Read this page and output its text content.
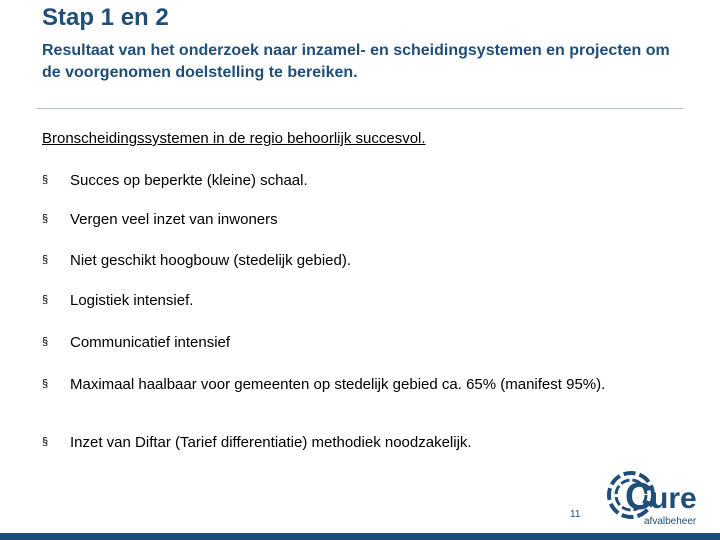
Stap 1 en 2
Resultaat van het onderzoek naar inzamel- en scheidingsystemen en projecten om de voorgenomen doelstelling te bereiken.
Bronscheidingssystemen in de regio behoorlijk succesvol.
§	Succes op beperkte (kleine) schaal.
§	Vergen veel inzet van inwoners
§	Niet geschikt hoogbouw (stedelijk gebied).
§	Logistiek intensief.
§	Communicatief intensief
§	Maximaal haalbaar voor gemeenten op stedelijk gebied ca. 65% (manifest 95%).
§	Inzet van Diftar (Tarief differentiatie) methodiek noodzakelijk.
11 C
ure
afvalbeheer
